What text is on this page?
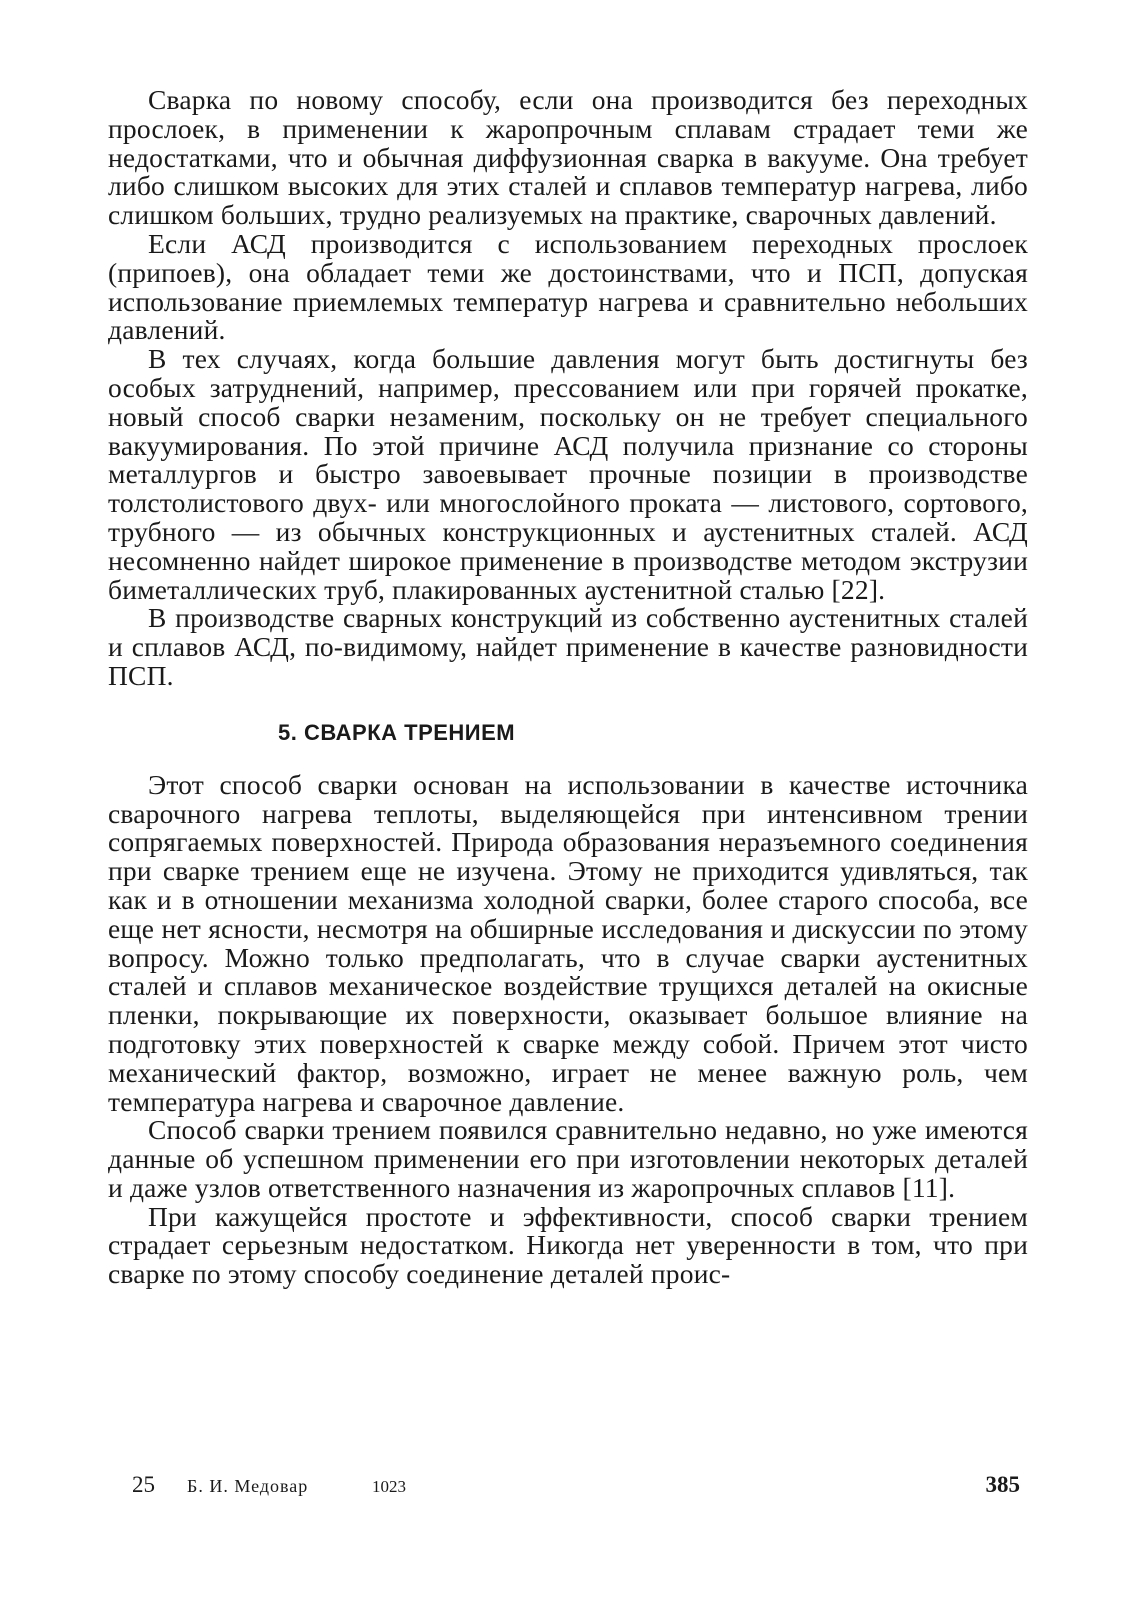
Сварка по новому способу, если она производится без переходных прослоек, в применении к жаропрочным сплавам страдает теми же недостатками, что и обычная диффузионная сварка в вакууме. Она требует либо слишком высоких для этих сталей и сплавов температур нагрева, либо слишком больших, трудно реализуемых на практике, сварочных давлений.

Если АСД производится с использованием переходных прослоек (припоев), она обладает теми же достоинствами, что и ПСП, допуская использование приемлемых температур нагрева и сравнительно небольших давлений.

В тех случаях, когда большие давления могут быть достигнуты без особых затруднений, например, прессованием или при горячей прокатке, новый способ сварки незаменим, поскольку он не требует специального вакуумирования. По этой причине АСД получила признание со стороны металлургов и быстро завоевывает прочные позиции в производстве толстолистового двух- или многослойного проката — листового, сортового, трубного — из обычных конструкционных и аустенитных сталей. АСД несомненно найдет широкое применение в производстве методом экструзии биметаллических труб, плакированных аустенитной сталью [22].

В производстве сварных конструкций из собственно аустенитных сталей и сплавов АСД, по-видимому, найдет применение в качестве разновидности ПСП.

5. СВАРКА ТРЕНИЕМ

Этот способ сварки основан на использовании в качестве источника сварочного нагрева теплоты, выделяющейся при интенсивном трении сопрягаемых поверхностей. Природа образования неразъемного соединения при сварке трением еще не изучена. Этому не приходится удивляться, так как и в отношении механизма холодной сварки, более старого способа, все еще нет ясности, несмотря на обширные исследования и дискуссии по этому вопросу. Можно только предполагать, что в случае сварки аустенитных сталей и сплавов механическое воздействие трущихся деталей на окисные пленки, покрывающие их поверхности, оказывает большое влияние на подготовку этих поверхностей к сварке между собой. Причем этот чисто механический фактор, возможно, играет не менее важную роль, чем температура нагрева и сварочное давление.

Способ сварки трением появился сравнительно недавно, но уже имеются данные об успешном применении его при изготовлении некоторых деталей и даже узлов ответственного назначения из жаропрочных сплавов [11].

При кажущейся простоте и эффективности, способ сварки трением страдает серьезным недостатком. Никогда нет уверенности в том, что при сварке по этому способу соединение деталей проис-

25 Б. И. Медовар	1023	385
